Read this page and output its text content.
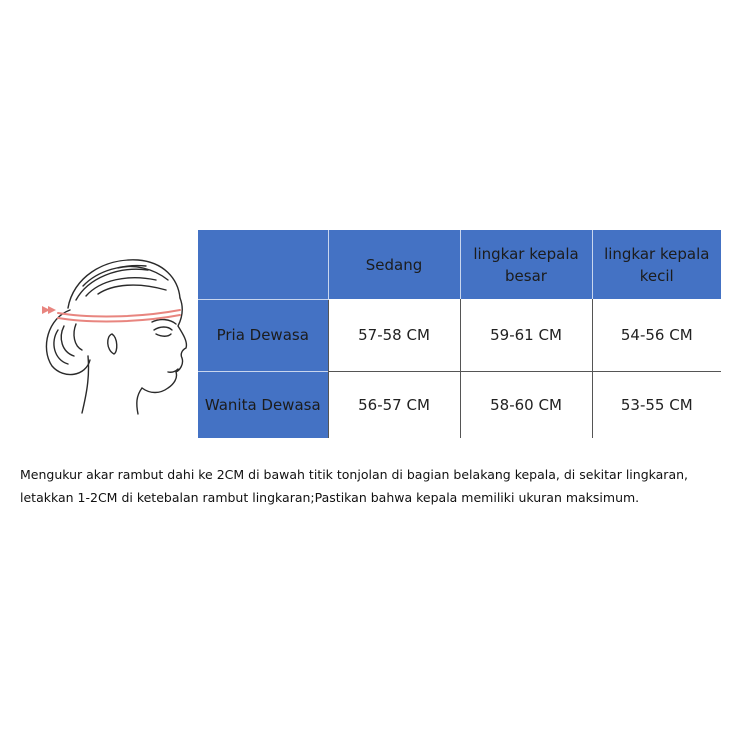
	Sedang	lingkar kepala besar	lingkar kepala kecil
Pria Dewasa	57-58 CM	59-61 CM	54-56 CM
Wanita Dewasa	56-57 CM	58-60 CM	53-55 CM

Mengukur akar rambut dahi ke 2CM di bawah titik tonjolan di bagian belakang kepala, di sekitar lingkaran, letakkan 1-2CM di ketebalan rambut lingkaran;Pastikan bahwa kepala memiliki ukuran maksimum.
